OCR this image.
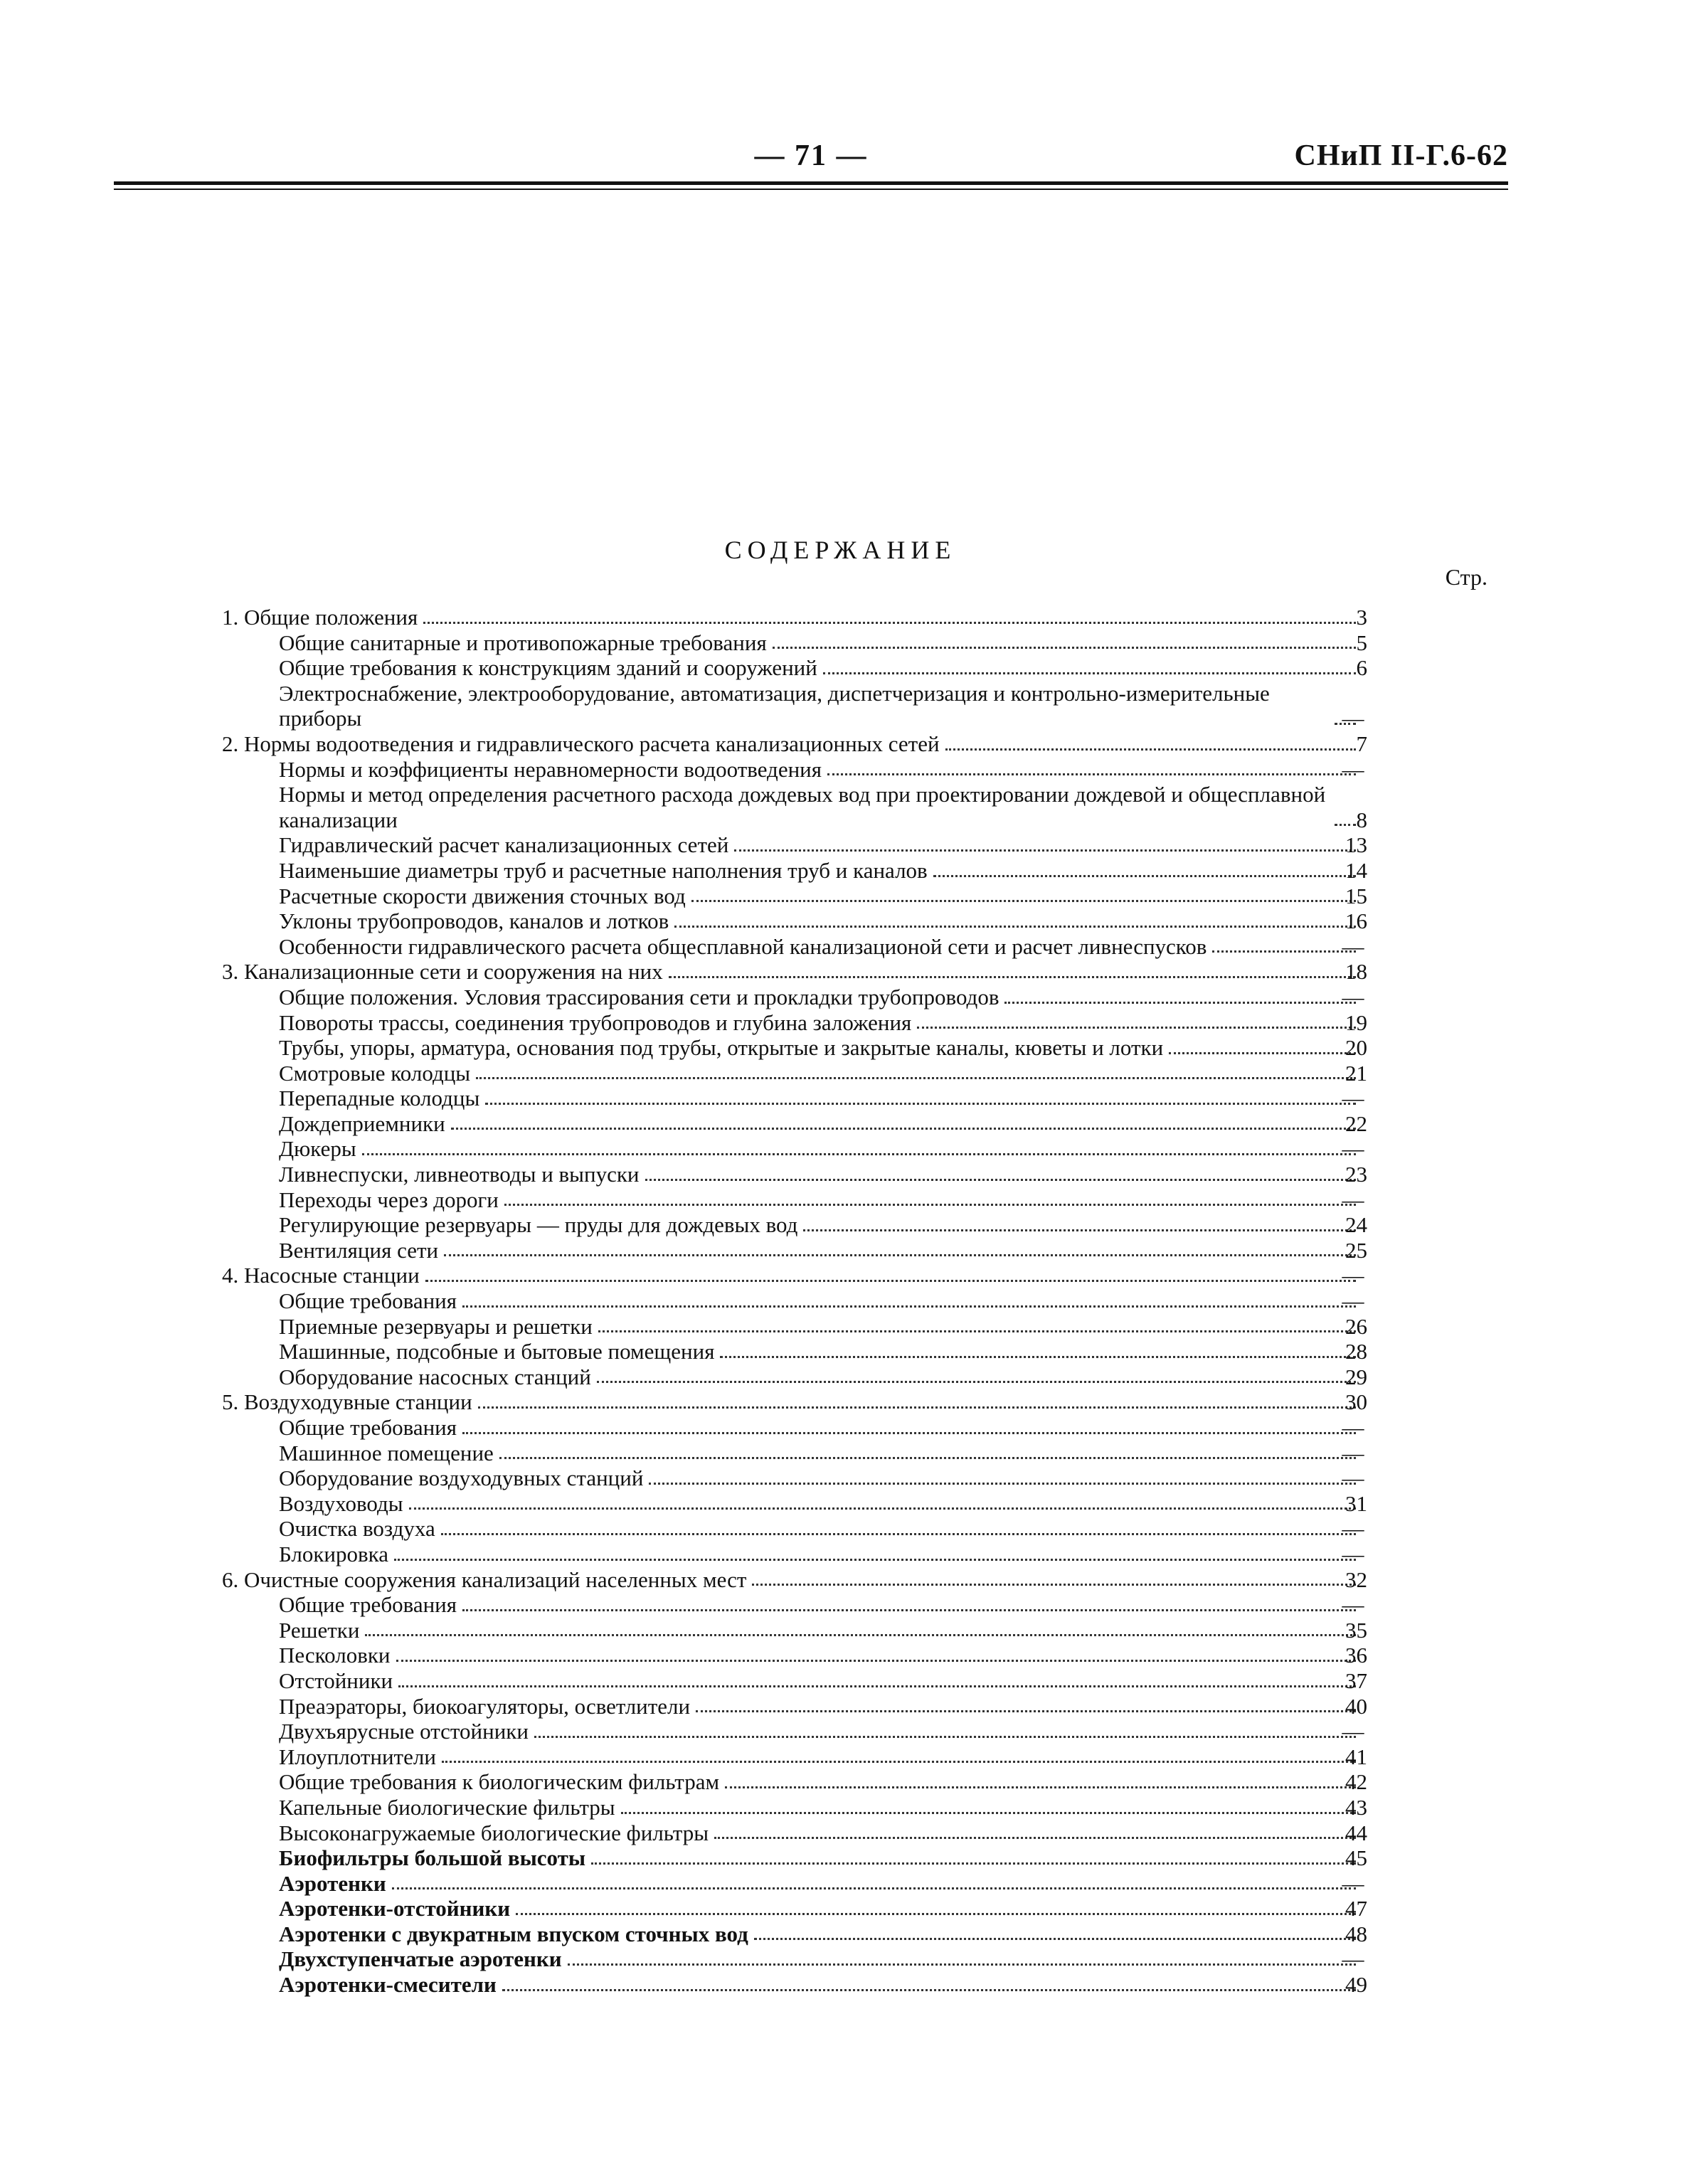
— 71 —	СНиП II-Г.6-62
СОДЕРЖАНИЕ
Стр.
1. Общие положения	3
Общие санитарные и противопожарные требования	5
Общие требования к конструкциям зданий и сооружений	6
Электроснабжение, электрооборудование, автоматизация, диспетчеризация и контрольно-измерительные приборы	—
2. Нормы водоотведения и гидравлического расчета канализационных сетей	7
Нормы и коэффициенты неравномерности водоотведения	—
Нормы и метод определения расчетного расхода дождевых вод при проектировании дождевой и общесплавной канализации	8
Гидравлический расчет канализационных сетей	13
Наименьшие диаметры труб и расчетные наполнения труб и каналов	14
Расчетные скорости движения сточных вод	15
Уклоны трубопроводов, каналов и лотков	16
Особенности гидравлического расчета общесплавной канализационой сети и расчет ливнеспусков	—
3. Канализационные сети и сооружения на них	18
Общие положения. Условия трассирования сети и прокладки трубопроводов	—
Повороты трассы, соединения трубопроводов и глубина заложения	19
Трубы, упоры, арматура, основания под трубы, открытые и закрытые каналы, кюветы и лотки	20
Смотровые колодцы	21
Перепадные колодцы	—
Дождеприемники	22
Дюкеры	—
Ливнеспуски, ливнеотводы и выпуски	23
Переходы через дороги	—
Регулирующие резервуары — пруды для дождевых вод	24
Вентиляция сети	25
4. Насосные станции	—
Общие требования	—
Приемные резервуары и решетки	26
Машинные, подсобные и бытовые помещения	28
Оборудование насосных станций	29
5. Воздуходувные станции	30
Общие требования	—
Машинное помещение	—
Оборудование воздуходувных станций	—
Воздуховоды	31
Очистка воздуха	—
Блокировка	—
6. Очистные сооружения канализаций населенных мест	32
Общие требования	—
Решетки	35
Песколовки	36
Отстойники	37
Преаэраторы, биокоагуляторы, осветлители	40
Двухъярусные отстойники	—
Илоуплотнители	41
Общие требования к биологическим фильтрам	42
Капельные биологические фильтры	43
Высоконагружаемые биологические фильтры	44
Биофильтры большой высоты	45
Аэротенки	—
Аэротенки-отстойники	47
Аэротенки с двукратным впуском сточных вод	48
Двухступенчатые аэротенки	—
Аэротенки-смесители	49
